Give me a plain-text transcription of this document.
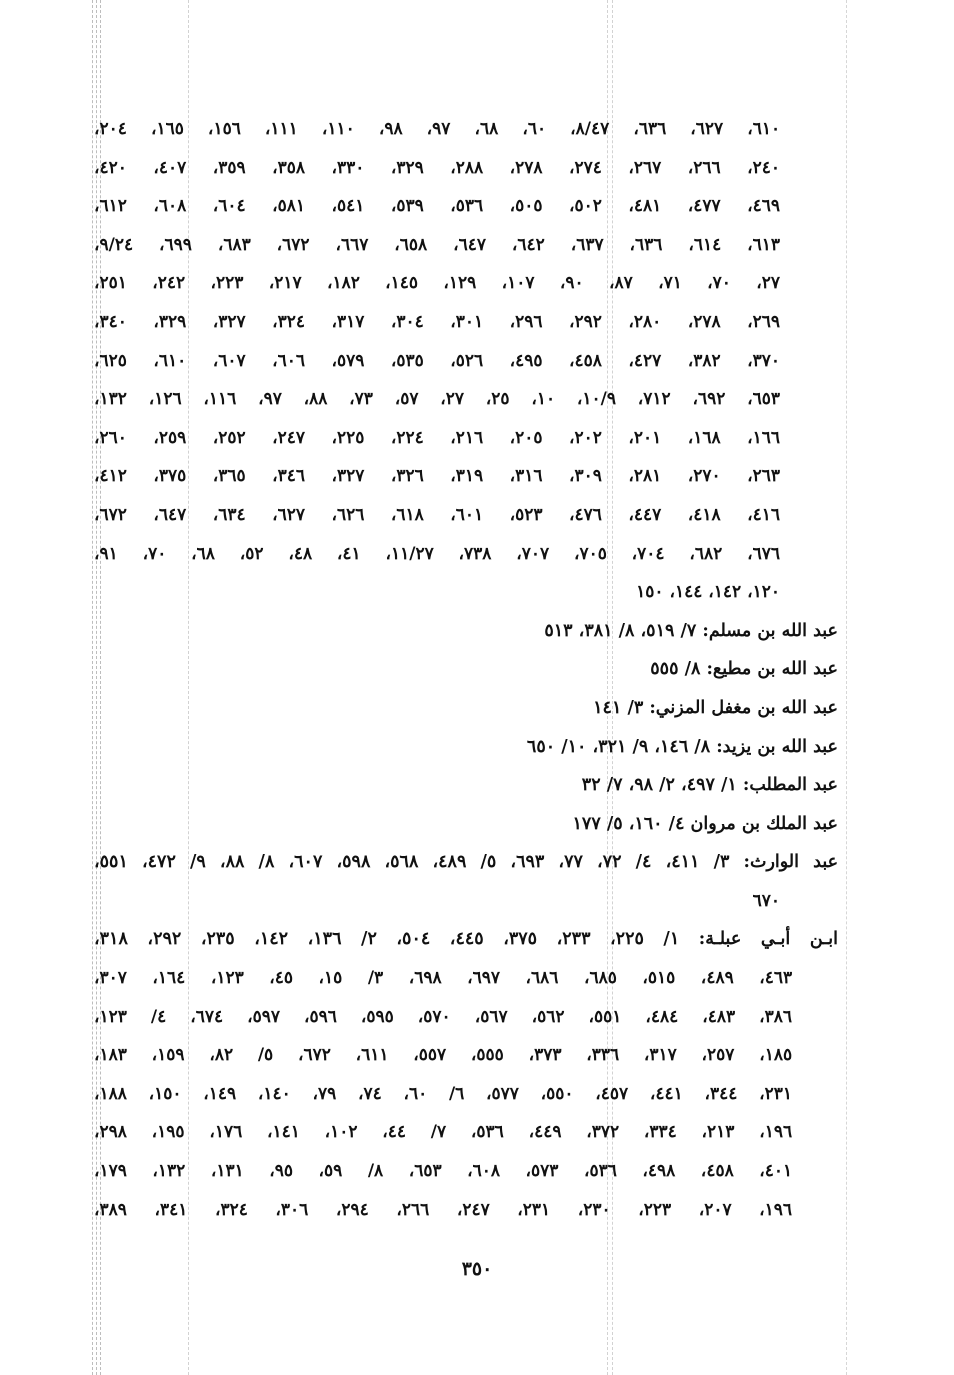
٦١٠، ٦٢٧، ٦٣٦، ٨/٤٧، ٦٠، ٦٨، ٩٧، ٩٨، ١١٠، ١١١، ١٥٦، ١٦٥، ٢٠٤،
٢٤٠، ٢٦٦، ٢٦٧، ٢٧٤، ٢٧٨، ٢٨٨، ٣٢٩، ٣٣٠، ٣٥٨، ٣٥٩، ٤٠٧، ٤٢٠،
٤٦٩، ٤٧٧، ٤٨١، ٥٠٢، ٥٠٥، ٥٣٦، ٥٣٩، ٥٤١، ٥٨١، ٦٠٤، ٦٠٨، ٦١٢،
٦١٣، ٦١٤، ٦٣٦، ٦٣٧، ٦٤٢، ٦٤٧، ٦٥٨، ٦٦٧، ٦٧٢، ٦٨٣، ٦٩٩، ٩/٢٤،
٢٧، ٧٠، ٧١، ٨٧، ٩٠، ١٠٧، ١٢٩، ١٤٥، ١٨٢، ٢١٧، ٢٢٣، ٢٤٢، ٢٥١،
٢٦٩، ٢٧٨، ٢٨٠، ٢٩٢، ٢٩٦، ٣٠١، ٣٠٤، ٣١٧، ٣٢٤، ٣٢٧، ٣٢٩، ٣٤٠،
٣٧٠، ٣٨٢، ٤٢٧، ٤٥٨، ٤٩٥، ٥٢٦، ٥٣٥، ٥٧٩، ٦٠٦، ٦٠٧، ٦١٠، ٦٢٥،
٦٥٣، ٦٩٢، ٧١٢، ١٠/٩، ١٠، ٢٥، ٢٧، ٥٧، ٧٣، ٨٨، ٩٧، ١١٦، ١٢٦، ١٣٢،
١٦٦، ١٦٨، ٢٠١، ٢٠٢، ٢٠٥، ٢١٦، ٢٢٤، ٢٢٥، ٢٤٧، ٢٥٢، ٢٥٩، ٢٦٠،
٢٦٣، ٢٧٠، ٢٨١، ٣٠٩، ٣١٦، ٣١٩، ٣٢٦، ٣٢٧، ٣٤٦، ٣٦٥، ٣٧٥، ٤١٢،
٤١٦، ٤١٨، ٤٤٧، ٤٧٦، ٥٢٣، ٦٠١، ٦١٨، ٦٢٦، ٦٢٧، ٦٣٤، ٦٤٧، ٦٧٢،
٦٧٦، ٦٨٢، ٧٠٤، ٧٠٥، ٧٠٧، ٧٣٨، ١١/٢٧، ٤١، ٤٨، ٥٢، ٦٨، ٧٠، ٩١،
١٢٠، ١٤٢، ١٤٤، ١٥٠
عبد الله بن مسلم: ٧/ ٥١٩، ٨/ ٣٨١، ٥١٣
عبد الله بن مطيع: ٨/ ٥٥٥
عبد الله بن مغفل المزني: ٣/ ١٤١
عبد الله بن يزيد: ٨/ ١٤٦، ٩/ ٣٢١، ١٠/ ٦٥٠
عبد المطلب: ١/ ٤٩٧، ٢/ ٩٨، ٧/ ٣٢
عبد الملك بن مروان ٤/ ١٦٠، ٥/ ١٧٧
عبد الوارث: ٣/ ٤١١، ٤/ ٧٢، ٧٧، ٦٩٣، ٥/ ٤٨٩، ٥٦٨، ٥٩٨، ٦٠٧، ٨/ ٨٨، ٩/ ٤٧٢، ٥٥١،
٦٧٠
ابـن أبـي عبلـة: ١/ ٢٢٥، ٢٣٣، ٣٧٥، ٤٤٥، ٥٠٤، ٢/ ١٣٦، ١٤٢، ٢٣٥، ٢٩٢، ٣١٨،
٤٦٣، ٤٨٩، ٥١٥، ٦٨٥، ٦٨٦، ٦٩٧، ٦٩٨، ٣/ ١٥، ٤٥، ١٢٣، ١٦٤، ٣٠٧،
٣٨٦، ٤٨٣، ٤٨٤، ٥٥١، ٥٦٢، ٥٦٧، ٥٧٠، ٥٩٥، ٥٩٦، ٥٩٧، ٦٧٤، ٤/ ١٢٣،
١٨٥، ٢٥٧، ٣١٧، ٣٣٦، ٣٧٣، ٥٥٥، ٥٥٧، ٦١١، ٦٧٢، ٥/ ٨٢، ١٥٩، ١٨٣،
٢٣١، ٣٤٤، ٤٤١، ٤٥٧، ٥٥٠، ٥٧٧، ٦/ ٦٠، ٧٤، ٧٩، ١٤٠، ١٤٩، ١٥٠، ١٨٨،
١٩٦، ٢١٣، ٣٣٤، ٣٧٢، ٤٤٩، ٥٣٦، ٧/ ٤٤، ١٠٢، ١٤١، ١٧٦، ١٩٥، ٢٩٨،
٤٠١، ٤٥٨، ٤٩٨، ٥٣٦، ٥٧٣، ٦٠٨، ٦٥٣، ٨/ ٥٩، ٩٥، ١٣١، ١٣٢، ١٧٩،
١٩٦، ٢٠٧، ٢٢٣، ٢٣٠، ٢٣١، ٢٤٧، ٢٦٦، ٢٩٤، ٣٠٦، ٣٢٤، ٣٤١، ٣٨٩،
٣٥٠
